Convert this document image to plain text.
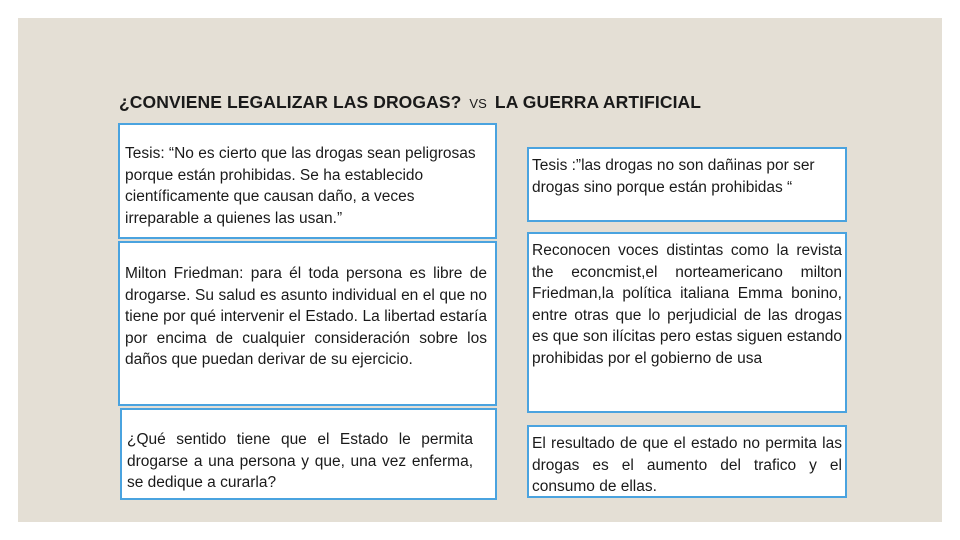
¿CONVIENE LEGALIZAR LAS DROGAS? VS LA GUERRA ARTIFICIAL
Tesis: “No es cierto que las drogas sean peligrosas porque están prohibidas. Se ha establecido científicamente que causan daño, a veces irreparable a quienes las usan.”
Milton Friedman: para él toda persona es libre de drogarse. Su salud es asunto individual en el que no tiene por qué intervenir el Estado. La libertad estaría por encima de cualquier consideración sobre los daños que puedan derivar de su ejercicio.
¿Qué sentido tiene que el Estado le permita drogarse a una persona y que, una vez enferma, se dedique a curarla?
Tesis :”las drogas no son dañinas por ser drogas sino porque están prohibidas “
Reconocen voces distintas como la revista the econcmist,el norteamericano milton Friedman,la política italiana Emma bonino, entre otras que lo perjudicial de las drogas es que son ilícitas pero estas siguen estando prohibidas por el gobierno de usa
El resultado de que el estado no permita las drogas es el aumento del trafico y el consumo de ellas.
